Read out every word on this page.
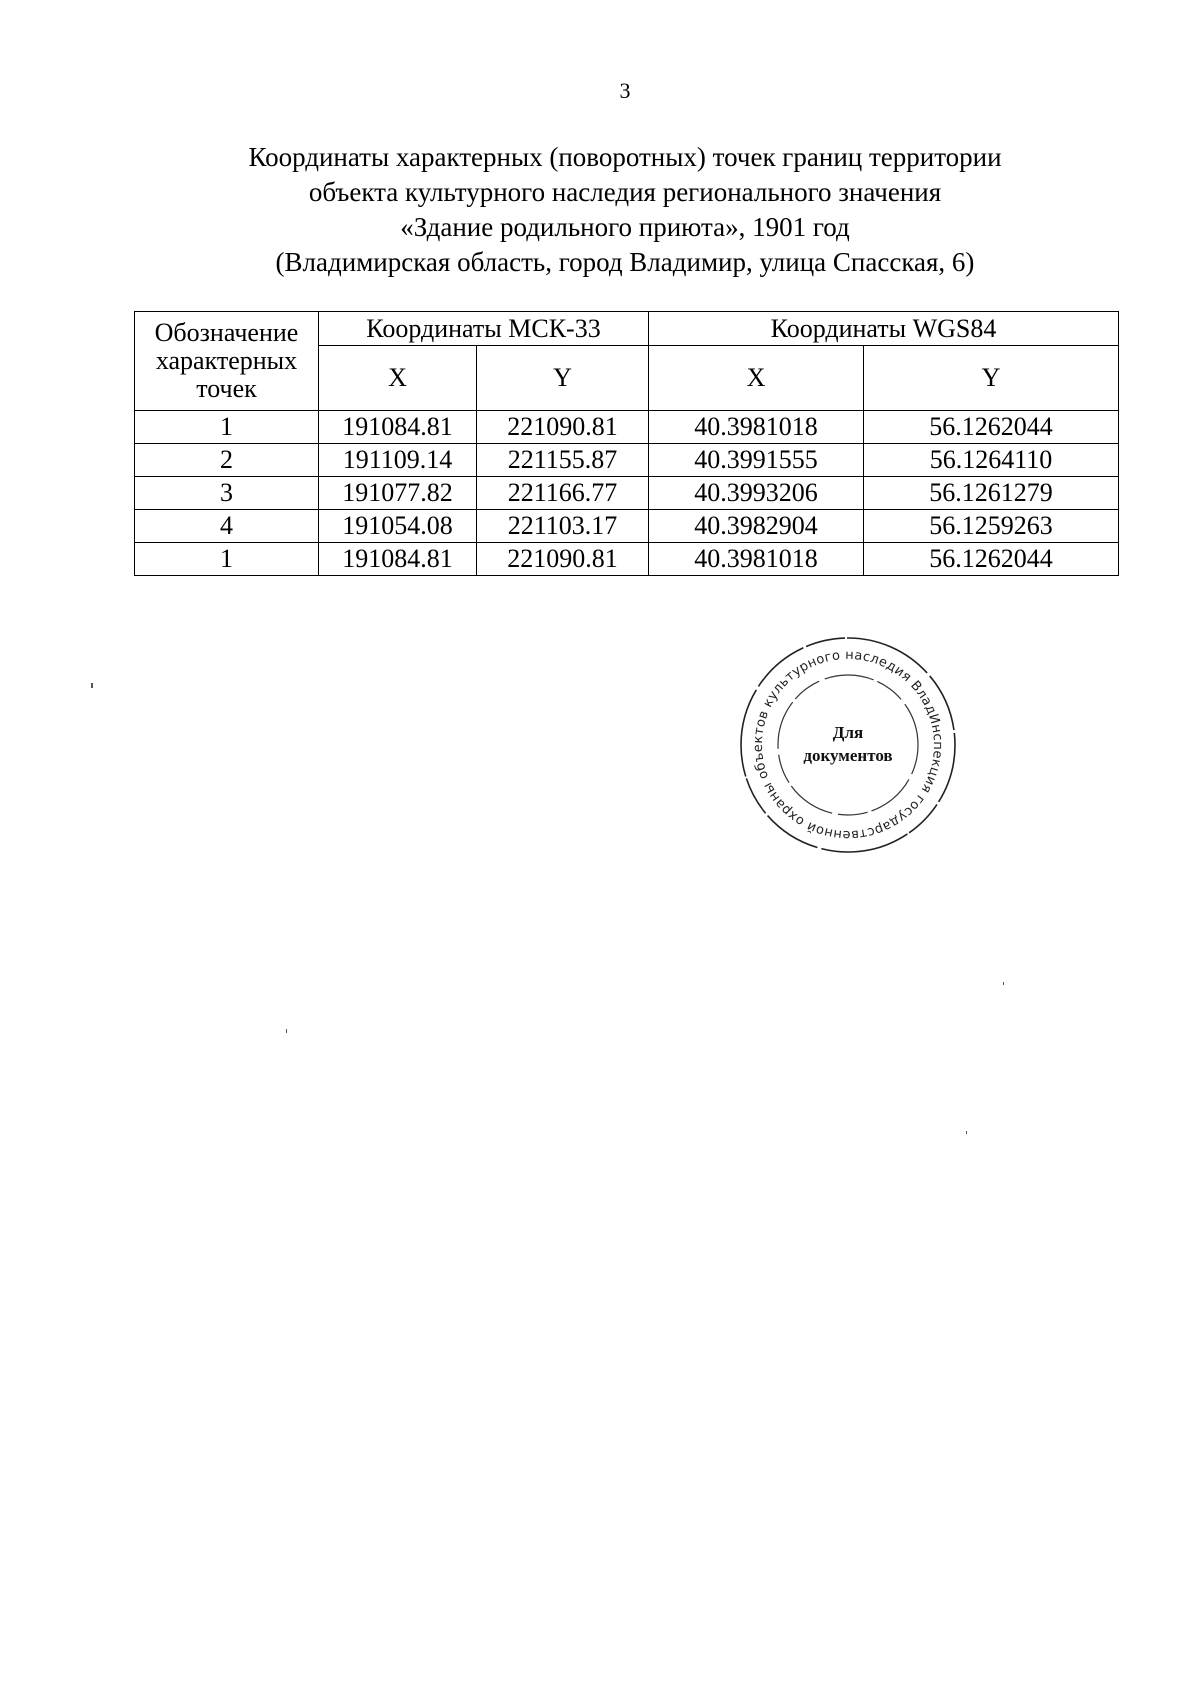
3
Координаты характерных (поворотных) точек границ территории
объекта культурного наследия регионального значения
«Здание родильного приюта», 1901 год
(Владимирская область, город Владимир, улица Спасская, 6)
Обозначение характерных точек	Координаты МСК-33		Координаты WGS84	
	X	Y	X	Y
1	191084.81	221090.81	40.3981018	56.1262044
2	191109.14	221155.87	40.3991555	56.1264110
3	191077.82	221166.77	40.3993206	56.1261279
4	191054.08	221103.17	40.3982904	56.1259263
1	191084.81	221090.81	40.3981018	56.1262044
Инспекция государственной охраны объектов культурного наследия Владимирской
Для
документов
